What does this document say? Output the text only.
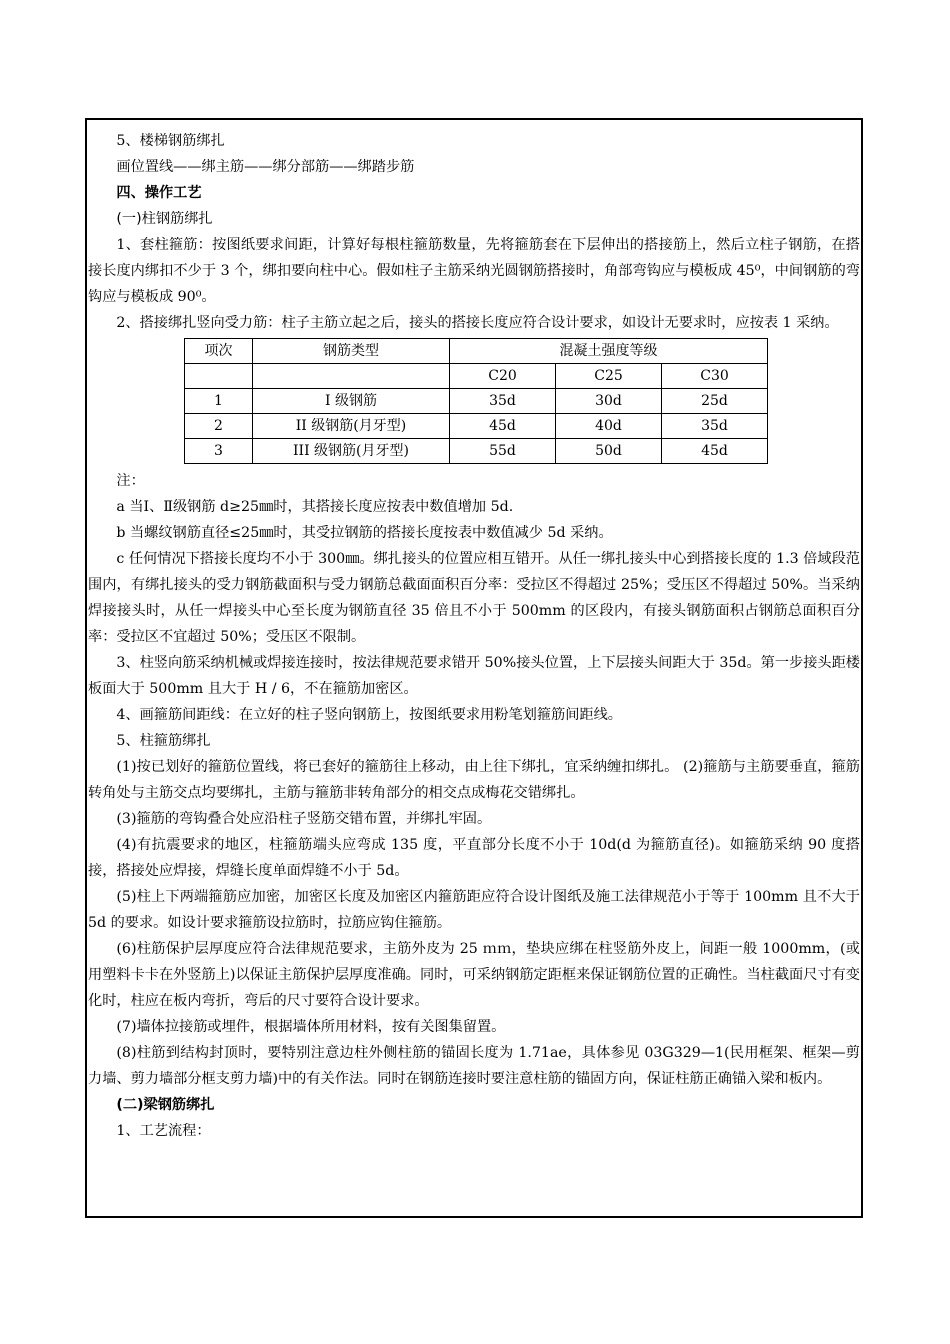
5、楼梯钢筋绑扎

画位置线——绑主筋——绑分部筋——绑踏步筋

四、操作工艺

(一)柱钢筋绑扎

1、套柱箍筋：按图纸要求间距，计算好每根柱箍筋数量，先将箍筋套在下层伸出的搭接筋上，然后立柱子钢筋，在搭接长度内绑扣不少于 3 个，绑扣要向柱中心。假如柱子主筋采纳光圆钢筋搭接时，角部弯钩应与模板成 45⁰，中间钢筋的弯钩应与模板成 90⁰。

2、搭接绑扎竖向受力筋：柱子主筋立起之后，接头的搭接长度应符合设计要求，如设计无要求时，应按表 1 采纳。

项次	钢筋类型	混凝土强度等级		
		C20	C25	C30
1	I 级钢筋	35d	30d	25d
2	II 级钢筋(月牙型)	45d	40d	35d
3	III 级钢筋(月牙型)	55d	50d	45d

注：

a 当Ⅰ、Ⅱ级钢筋 d≥25㎜时，其搭接长度应按表中数值增加 5d.

b 当螺纹钢筋直径≤25㎜时，其受拉钢筋的搭接长度按表中数值减少 5d 采纳。

c 任何情况下搭接长度均不小于 300㎜。绑扎接头的位置应相互错开。从任一绑扎接头中心到搭接长度的 1.3 倍域段范围内，有绑扎接头的受力钢筋截面积与受力钢筋总截面面积百分率：受拉区不得超过 25%；受压区不得超过 50%。当采纳焊接接头时，从任一焊接头中心至长度为钢筋直径 35 倍且不小于 500mm 的区段内，有接头钢筋面积占钢筋总面积百分率：受拉区不宜超过 50%；受压区不限制。

3、柱竖向筋采纳机械或焊接连接时，按法律规范要求错开 50%接头位置，上下层接头间距大于 35d。第一步接头距楼板面大于 500mm 且大于 H / 6，不在箍筋加密区。

4、画箍筋间距线：在立好的柱子竖向钢筋上，按图纸要求用粉笔划箍筋间距线。

5、柱箍筋绑扎

(1)按已划好的箍筋位置线，将已套好的箍筋往上移动，由上往下绑扎，宜采纳缠扣绑扎。 (2)箍筋与主筋要垂直，箍筋转角处与主筋交点均要绑扎，主筋与箍筋非转角部分的相交点成梅花交错绑扎。

(3)箍筋的弯钩叠合处应沿柱子竖筋交错布置，并绑扎牢固。

(4)有抗震要求的地区，柱箍筋端头应弯成 135 度，平直部分长度不小于 10d(d 为箍筋直径)。如箍筋采纳 90 度搭接，搭接处应焊接，焊缝长度单面焊缝不小于 5d。

(5)柱上下两端箍筋应加密，加密区长度及加密区内箍筋距应符合设计图纸及施工法律规范小于等于 100mm 且不大于 5d 的要求。如设计要求箍筋设拉筋时，拉筋应钩住箍筋。

(6)柱筋保护层厚度应符合法律规范要求，主筋外皮为 25 ｍｍ，垫块应绑在柱竖筋外皮上，间距一般 1000mm，(或用塑料卡卡在外竖筋上)以保证主筋保护层厚度准确。同时，可采纳钢筋定距框来保证钢筋位置的正确性。当柱截面尺寸有变化时，柱应在板内弯折，弯后的尺寸要符合设计要求。

(7)墙体拉接筋或埋件，根据墙体所用材料，按有关图集留置。

(8)柱筋到结构封顶时，要特别注意边柱外侧柱筋的锚固长度为 1.71ae，具体参见 03G329—1(民用框架、框架—剪力墙、剪力墙部分框支剪力墙)中的有关作法。同时在钢筋连接时要注意柱筋的锚固方向，保证柱筋正确锚入梁和板内。

(二)梁钢筋绑扎

1、工艺流程：
